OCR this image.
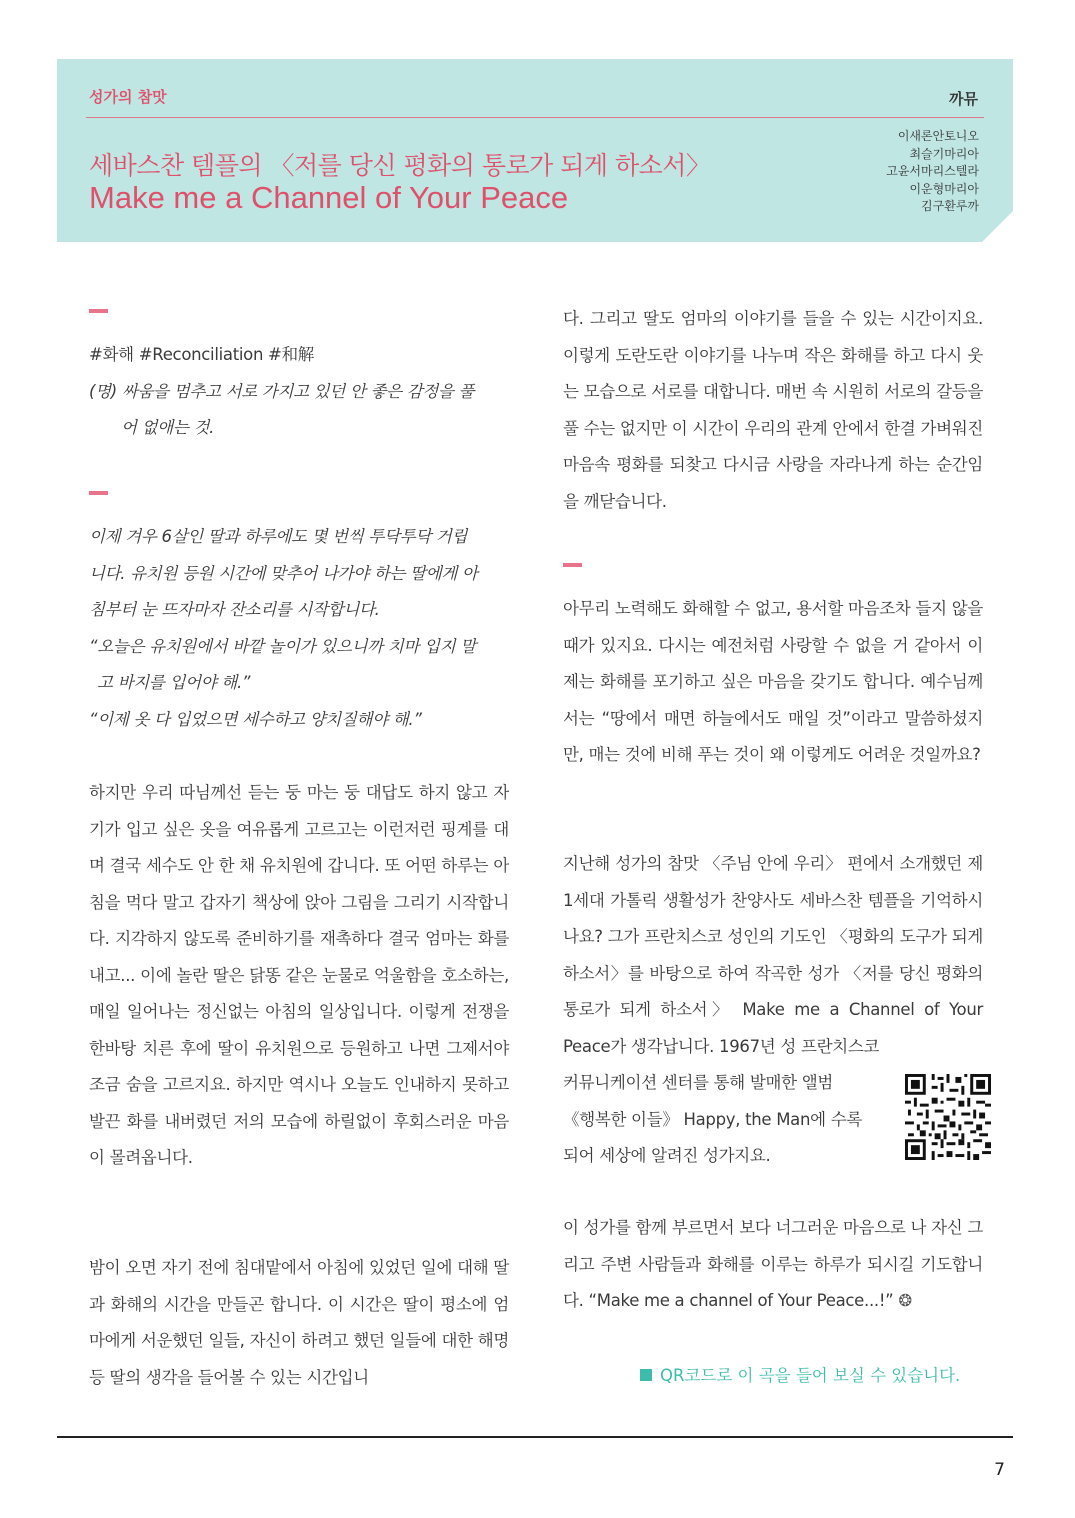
성가의 참맛	까뮤
세바스찬 템플의 〈저를 당신 평화의 통로가 되게 하소서〉
Make me a Channel of Your Peace
이새론안토니오
최슬기마리아
고윤서마리스텔라
이운형마리아
김구환루까

#화해 #Reconciliation #和解

(명) 싸움을 멈추고 서로 가지고 있던 안 좋은 감정을 풀

어 없애는 것.

이제 겨우 6살인 딸과 하루에도 몇 번씩 투닥투닥 거립

니다. 유치원 등원 시간에 맞추어 나가야 하는 딸에게 아

침부터 눈 뜨자마자 잔소리를 시작합니다.

“오늘은 유치원에서 바깥 놀이가 있으니까 치마 입지 말

고 바지를 입어야 해.”

“이제 옷 다 입었으면 세수하고 양치질해야 해.”

하지만 우리 따님께선 듣는 둥 마는 둥 대답도 하지 않고 자기가 입고 싶은 옷을 여유롭게 고르고는 이런저런 핑계를 대며 결국 세수도 안 한 채 유치원에 갑니다. 또 어떤 하루는 아침을 먹다 말고 갑자기 책상에 앉아 그림을 그리기 시작합니다. 지각하지 않도록 준비하기를 재촉하다 결국 엄마는 화를 내고... 이에 놀란 딸은 닭똥 같은 눈물로 억울함을 호소하는, 매일 일어나는 정신없는 아침의 일상입니다. 이렇게 전쟁을 한바탕 치른 후에 딸이 유치원으로 등원하고 나면 그제서야 조금 숨을 고르지요. 하지만 역시나 오늘도 인내하지 못하고 발끈 화를 내버렸던 저의 모습에 하릴없이 후회스러운 마음이 몰려옵니다.

밤이 오면 자기 전에 침대맡에서 아침에 있었던 일에 대해 딸과 화해의 시간을 만들곤 합니다. 이 시간은 딸이 평소에 엄마에게 서운했던 일들, 자신이 하려고 했던 일들에 대한 해명 등 딸의 생각을 들어볼 수 있는 시간입니

다. 그리고 딸도 엄마의 이야기를 들을 수 있는 시간이지요. 이렇게 도란도란 이야기를 나누며 작은 화해를 하고 다시 웃는 모습으로 서로를 대합니다. 매번 속 시원히 서로의 갈등을 풀 수는 없지만 이 시간이 우리의 관계 안에서 한결 가벼워진 마음속 평화를 되찾고 다시금 사랑을 자라나게 하는 순간임을 깨닫습니다.

아무리 노력해도 화해할 수 없고, 용서할 마음조차 들지 않을 때가 있지요. 다시는 예전처럼 사랑할 수 없을 거 같아서 이제는 화해를 포기하고 싶은 마음을 갖기도 합니다. 예수님께서는 “땅에서 매면 하늘에서도 매일 것”이라고 말씀하셨지만, 매는 것에 비해 푸는 것이 왜 이렇게도 어려운 것일까요?

지난해 성가의 참맛 〈주님 안에 우리〉 편에서 소개했던 제1세대 가톨릭 생활성가 찬양사도 세바스찬 템플을 기억하시나요? 그가 프란치스코 성인의 기도인 〈평화의 도구가 되게 하소서〉를 바탕으로 하여 작곡한 성가 〈저를 당신 평화의 통로가 되게 하소서〉 Make me a Channel of Your Peace가 생각납니다. 1967년 성 프란치스코

커뮤니케이션 센터를 통해 발매한 앨범

《행복한 이들》 Happy, the Man에 수록

되어 세상에 알려진 성가지요.

이 성가를 함께 부르면서 보다 너그러운 마음으로 나 자신 그리고 주변 사람들과 화해를 이루는 하루가 되시길 기도합니다. “Make me a channel of Your Peace...!” ❂

QR코드로 이 곡을 들어 보실 수 있습니다.
7
